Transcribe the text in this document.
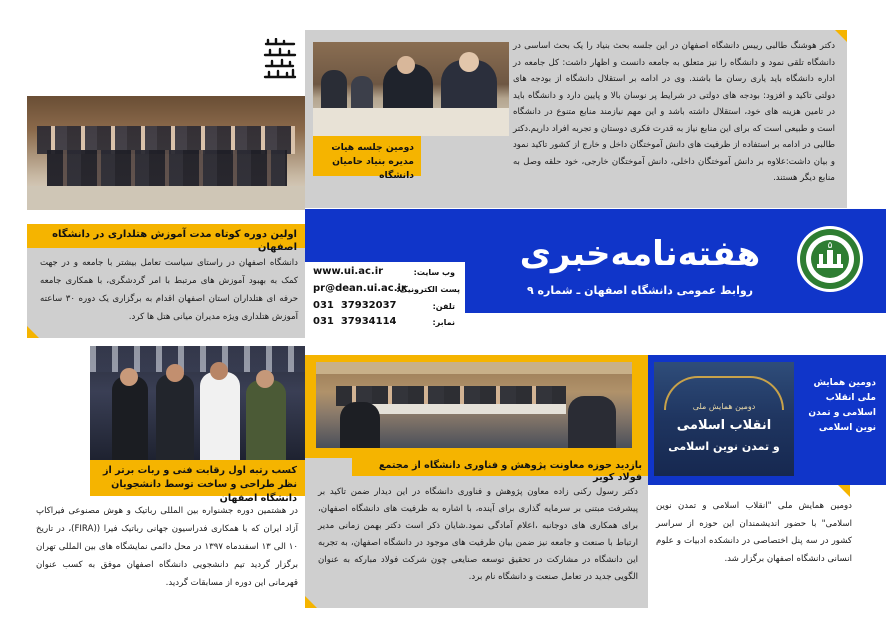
دومین جلسه هیات مدیره بنیاد حامیان دانشگاه
دکتر هوشنگ طالبی رییس دانشگاه اصفهان در این جلسه بحث بنیاد را یک بحث اساسی در دانشگاه تلقی نمود و دانشگاه را نیز متعلق به جامعه دانست و اظهار داشت: کل جامعه در اداره دانشگاه باید یاری رسان ما باشند. وی در ادامه بر استقلال دانشگاه از بودجه های دولتی تاکید و افزود: بودجه های دولتی در شرایط پر نوسان بالا و پایین دارد و دانشگاه باید در تامین هزینه های خود، استقلال داشته باشد و این مهم نیازمند منابع متنوع در دانشگاه است و طبیعی است که برای این منابع نیاز به قدرت فکری دوستان و تجربه افراد داریم.دکتر طالبی در ادامه بر استفاده از ظرفیت های دانش آموختگان داخل و خارج از کشور تاکید نمود و بیان داشت:علاوه بر دانش آموختگان داخلی، دانش آموختگان خارجی، خود حلقه وصل به منابع دیگر هستند.
اولین دوره کوتاه مدت آموزش هتلداری در دانشگاه اصفهان
دانشگاه اصفهان در راستای سیاست تعامل بیشتر با جامعه و در جهت کمک به بهبود آموزش های مرتبط با امر گردشگری، با همکاری جامعه حرفه ای هتلداران استان اصفهان اقدام به برگزاری یک دوره ۳۰ ساعته آموزش هتلداری ویژه مدیران میانی هتل ها کرد.
هفته‌نامه‌خبری
روابط عمومی دانشگاه اصفهان ـ شماره ۹
۵
وب سایت:
www.ui.ac.ir
پست الکترونیک:
pr@dean.ui.ac.ir
تلفن:
031  37932037
نمابر:
031  37934114
کسب رتبه اول رقابت فنی و ربات برتر از نظر طراحی و ساخت توسط دانشجویان دانشگاه اصفهان
در هشتمین دوره جشنواره بین المللی رباتیک و هوش مصنوعی فیراکاپ آزاد ایران که با همکاری فدراسیون جهانی رباتیک فیرا ((FIRA)، در تاریخ ۱۰ الی ۱۳ اسفندماه ۱۳۹۷ در محل دائمی نمایشگاه های بین المللی تهران برگزار گردید تیم دانشجویی دانشگاه اصفهان موفق به کسب عنوان قهرمانی این دوره از مسابقات گردید.
بازدید حوزه معاونت پژوهش و فناوری دانشگاه از مجتمع فولاد کویر
دکتر رسول رکنی زاده معاون پژوهش و فناوری دانشگاه در این دیدار ضمن تاکید بر پیشرفت مبتنی بر سرمایه گذاری برای آینده، با اشاره به ظرفیت های دانشگاه اصفهان، برای همکاری های دوجانبه ،اعلام آمادگی نمود.شایان ذکر است دکتر بهمن زمانی مدیر ارتباط با صنعت و جامعه نیز ضمن بیان ظرفیت های موجود در دانشگاه اصفهان، به تجربه این دانشگاه در مشارکت در تحقیق توسعه صنایعی چون شرکت فولاد مبارکه به عنوان الگویی جدید در تعامل صنعت و دانشگاه نام برد.
دومین همایش ملی
انقلاب اسلامی
و تمدن نوین اسلامی
دومین همایش ملی انقلاب اسلامی و تمدن نوین اسلامی
دومین همایش ملی "انقلاب اسلامی و تمدن نوین اسلامی" با حضور اندیشمندان این حوزه از سراسر کشور در سه پنل اختصاصی در دانشکده ادبیات و علوم انسانی دانشگاه اصفهان برگزار شد.
